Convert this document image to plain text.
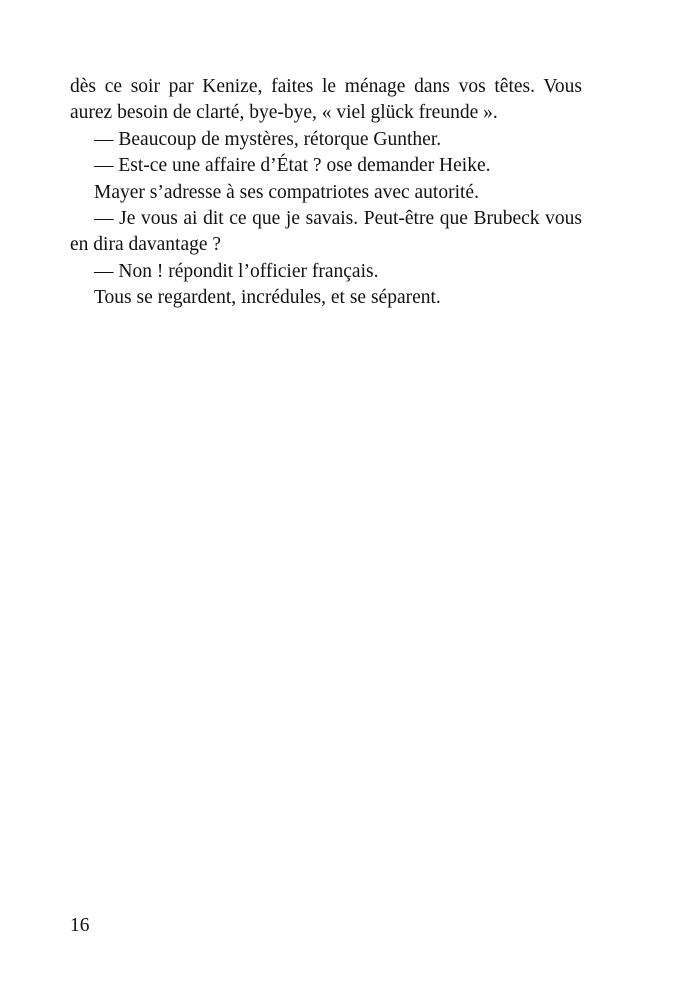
dès ce soir par Kenize, faites le ménage dans vos têtes. Vous
aurez besoin de clarté, bye-bye, « viel glück freunde ».
— Beaucoup de mystères, rétorque Gunther.
— Est-ce une affaire d’État ? ose demander Heike.
Mayer s’adresse à ses compatriotes avec autorité.
— Je vous ai dit ce que je savais. Peut-être que Brubeck vous
en dira davantage ?
— Non ! répondit l’officier français.
Tous se regardent, incrédules, et se séparent.
16
